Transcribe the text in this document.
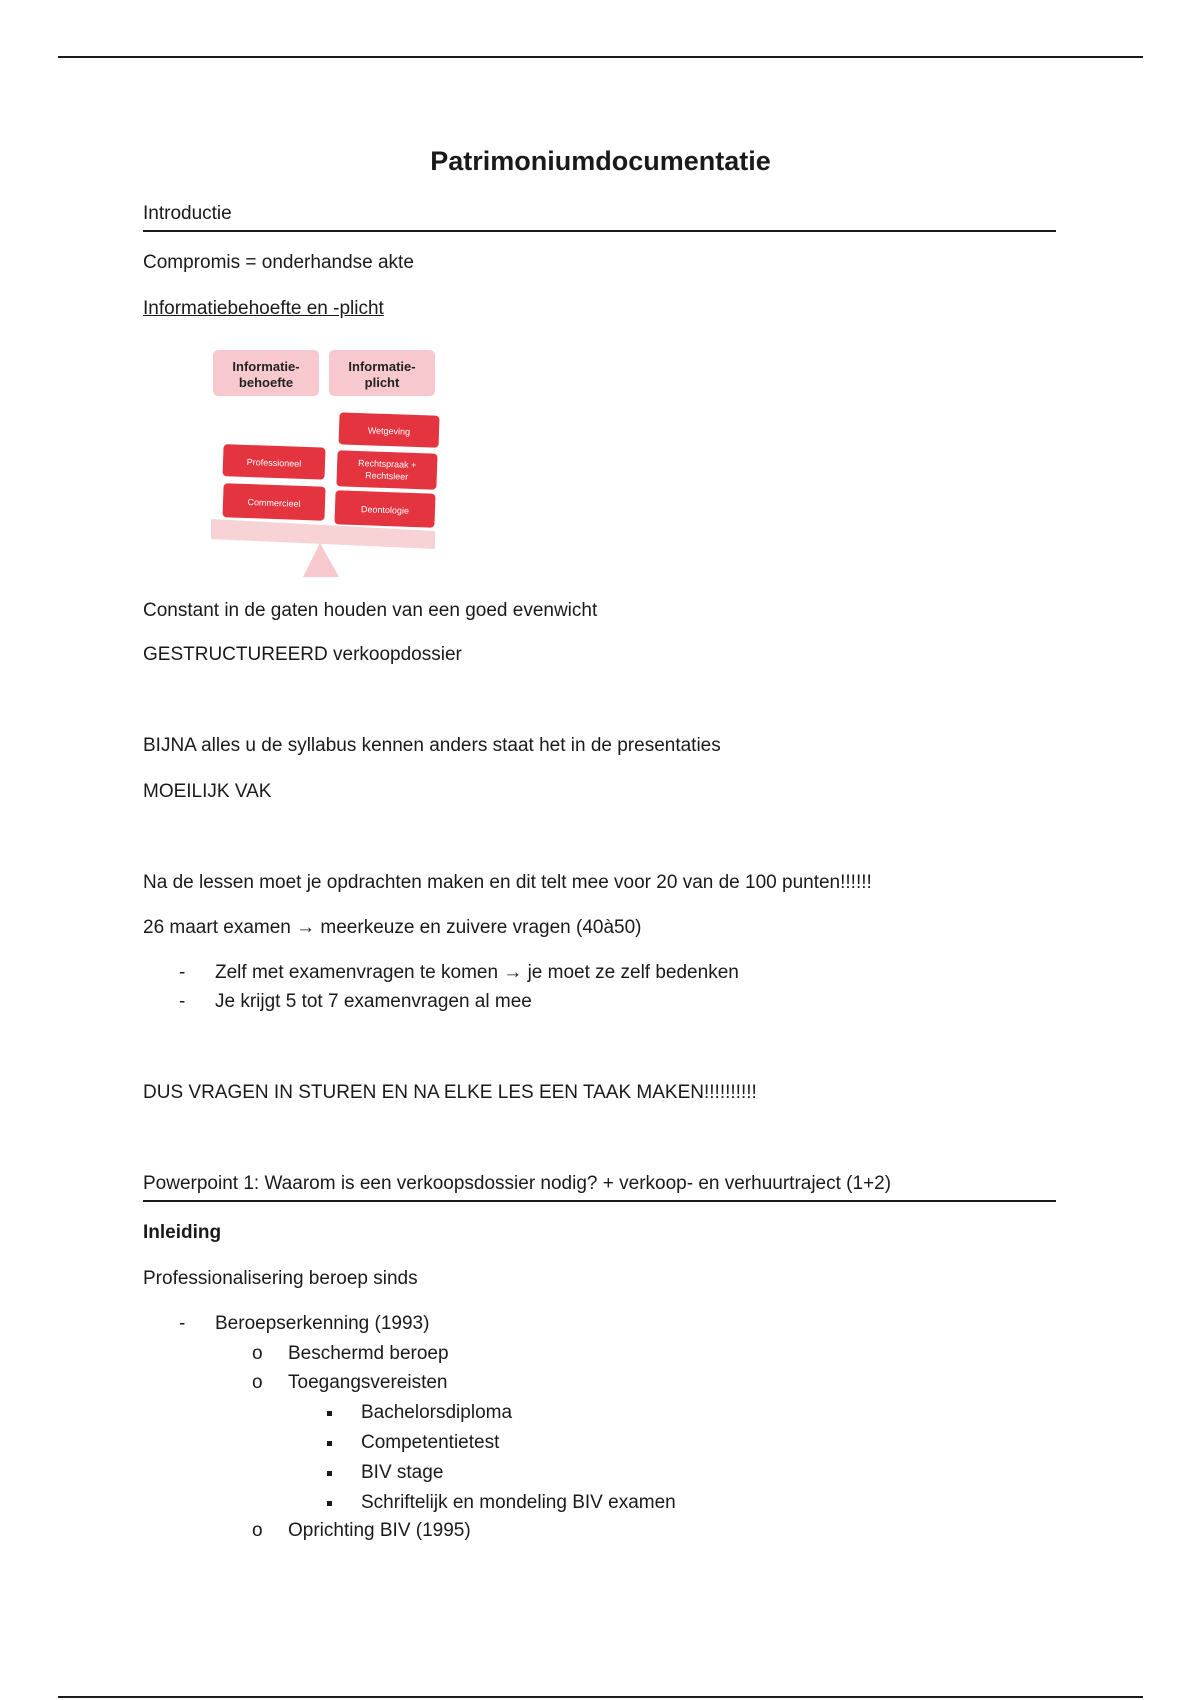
Patrimoniumdocumentatie
Introductie
Compromis = onderhandse akte
Informatiebehoefte en -plicht
Informatie-
behoefte
Informatie-
plicht
Wetgeving
Professioneel	Rechtspraak +
Rechtsleer
Commercieel
Deontologie
Constant in de gaten houden van een goed evenwicht
GESTRUCTUREERD verkoopdossier
BIJNA alles u de syllabus kennen anders staat het in de presentaties
MOEILIJK VAK
Na de lessen moet je opdrachten maken en dit telt mee voor 20 van de 100 punten!!!!!!
26 maart examen → meerkeuze en zuivere vragen (40à50)
- Zelf met examenvragen te komen → je moet ze zelf bedenken
- Je krijgt 5 tot 7 examenvragen al mee
DUS VRAGEN IN STUREN EN NA ELKE LES EEN TAAK MAKEN!!!!!!!!!!
Powerpoint 1: Waarom is een verkoopsdossier nodig? + verkoop- en verhuurtraject (1+2)
Inleiding
Professionalisering beroep sinds
- Beroepserkenning (1993)
o Beschermd beroep
o Toegangsvereisten
Bachelorsdiploma
Competentietest
BIV stage
Schriftelijk en mondeling BIV examen
o Oprichting BIV (1995)
